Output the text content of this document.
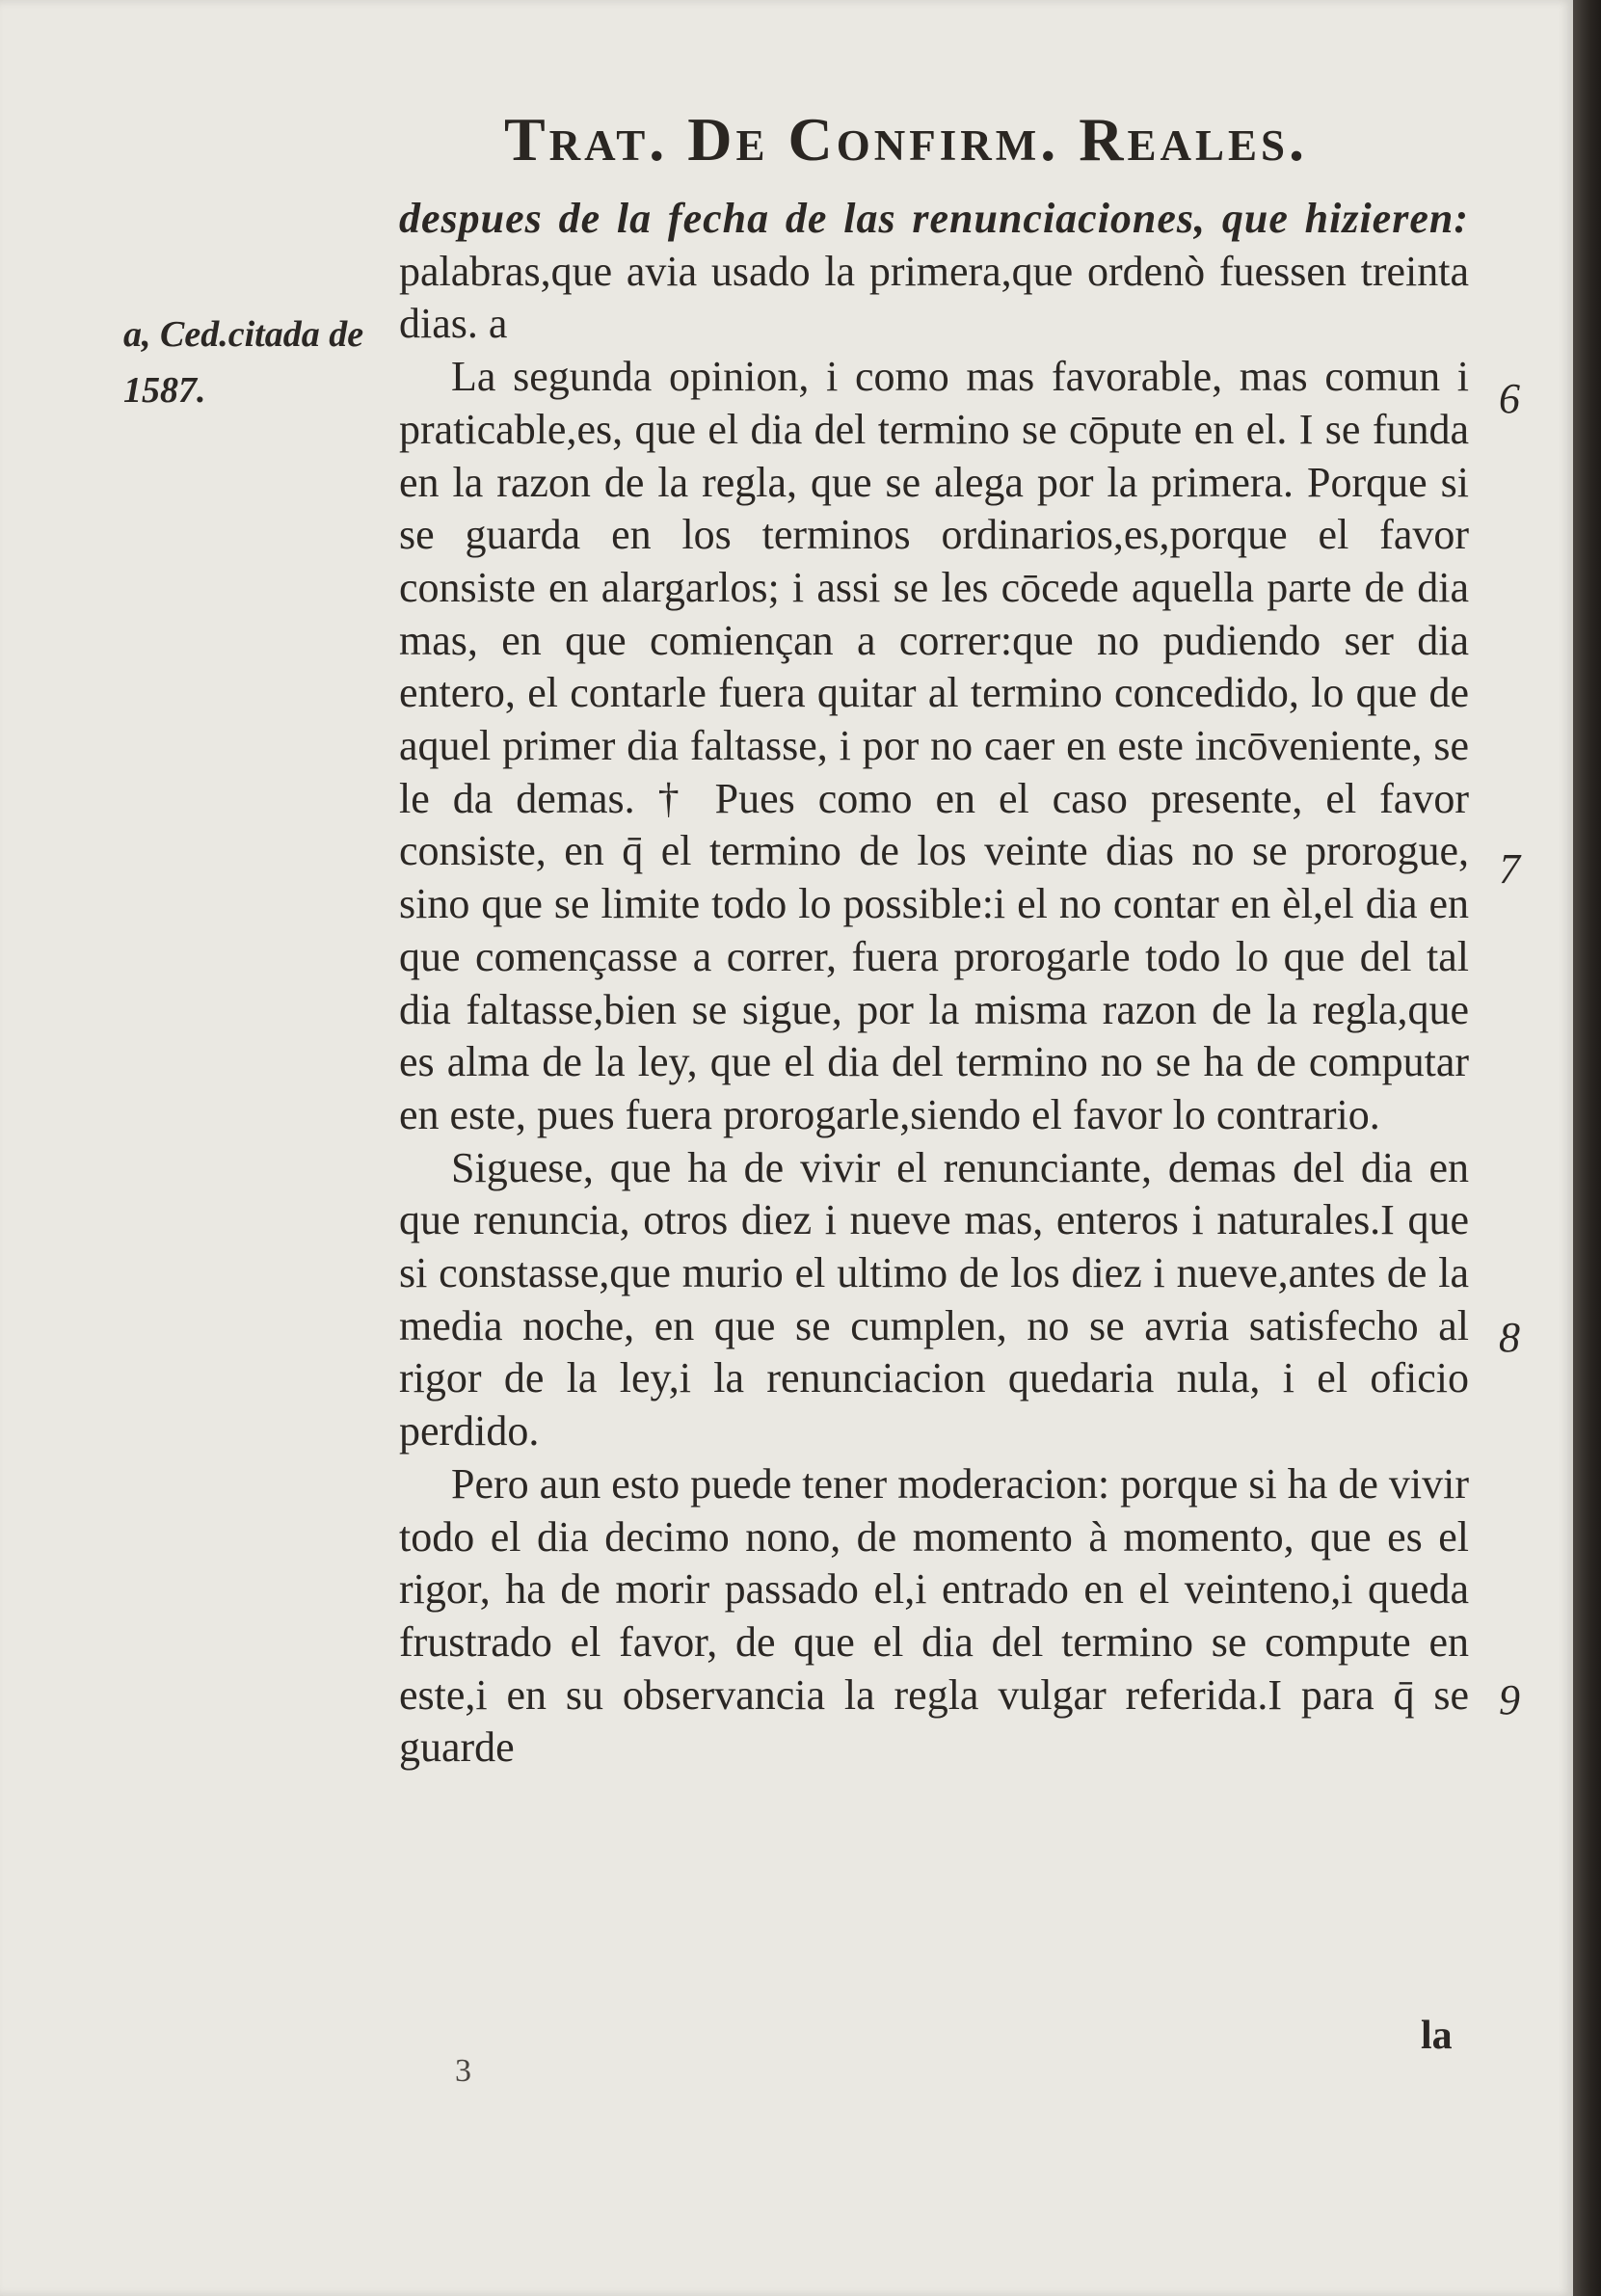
Trat. De Confirm. Reales.
a, Ced.citada de 1587.

despues de la fecha de las renunciaciones, que hizieren: palabras,que avia usado la primera,que ordenò fuessen treinta dias. a

La segunda opinion, i como mas favorable, mas comun i praticable,es, que el dia del termino se cōpute en el. I se funda en la razon de la regla, que se alega por la primera. Porque si se guarda en los terminos ordinarios,es,porque el favor consiste en alargarlos; i assi se les cōcede aquella parte de dia mas, en que comiençan a correr:que no pudiendo ser dia entero, el contarle fuera quitar al termino concedido, lo que de aquel primer dia faltasse, i por no caer en este incōveniente, se le da demas. † Pues como en el caso presente, el favor consiste, en q̄ el termino de los veinte dias no se prorogue, sino que se limite todo lo possible:i el no contar en èl,el dia en que començasse a correr, fuera prorogarle todo lo que del tal dia faltasse,bien se sigue, por la misma razon de la regla,que es alma de la ley, que el dia del termino no se ha de computar en este, pues fuera prorogarle,siendo el favor lo contrario.

Siguese, que ha de vivir el renunciante, demas del dia en que renuncia, otros diez i nueve mas, enteros i naturales.I que si constasse,que murio el ultimo de los diez i nueve,antes de la media noche, en que se cumplen, no se avria satisfecho al rigor de la ley,i la renunciacion quedaria nula, i el oficio perdido.

Pero aun esto puede tener moderacion: porque si ha de vivir todo el dia decimo nono, de momento à momento, que es el rigor, ha de morir passado el,i entrado en el veinteno,i queda frustrado el favor, de que el dia del termino se compute en este,i en su observancia la regla vulgar referida.I para q̄ se guarde

6
7
8
9
la
3
